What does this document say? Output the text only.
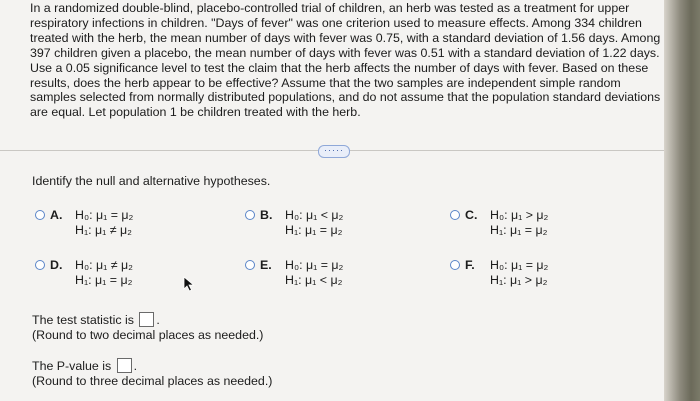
In a randomized double-blind, placebo-controlled trial of children, an herb was tested as a treatment for upper respiratory infections in children. "Days of fever" was one criterion used to measure effects. Among 334 children treated with the herb, the mean number of days with fever was 0.75, with a standard deviation of 1.56 days. Among 397 children given a placebo, the mean number of days with fever was 0.51 with a standard deviation of 1.22 days. Use a 0.05 significance level to test the claim that the herb affects the number of days with fever. Based on these results, does the herb appear to be effective? Assume that the two samples are independent simple random samples selected from normally distributed populations, and do not assume that the population standard deviations are equal. Let population 1 be children treated with the herb.

·····

Identify the null and alternative hypotheses.

A. H₀: μ₁ = μ₂
H₁: μ₁ ≠ μ₂
B. H₀: μ₁ < μ₂
H₁: μ₁ = μ₂
C. H₀: μ₁ > μ₂
H₁: μ₁ = μ₂
D. H₀: μ₁ ≠ μ₂
H₁: μ₁ = μ₂
E. H₀: μ₁ = μ₂
H₁: μ₁ < μ₂
F. H₀: μ₁ = μ₂
H₁: μ₁ > μ₂
The test statistic is .
(Round to two decimal places as needed.)
The P-value is .
(Round to three decimal places as needed.)
